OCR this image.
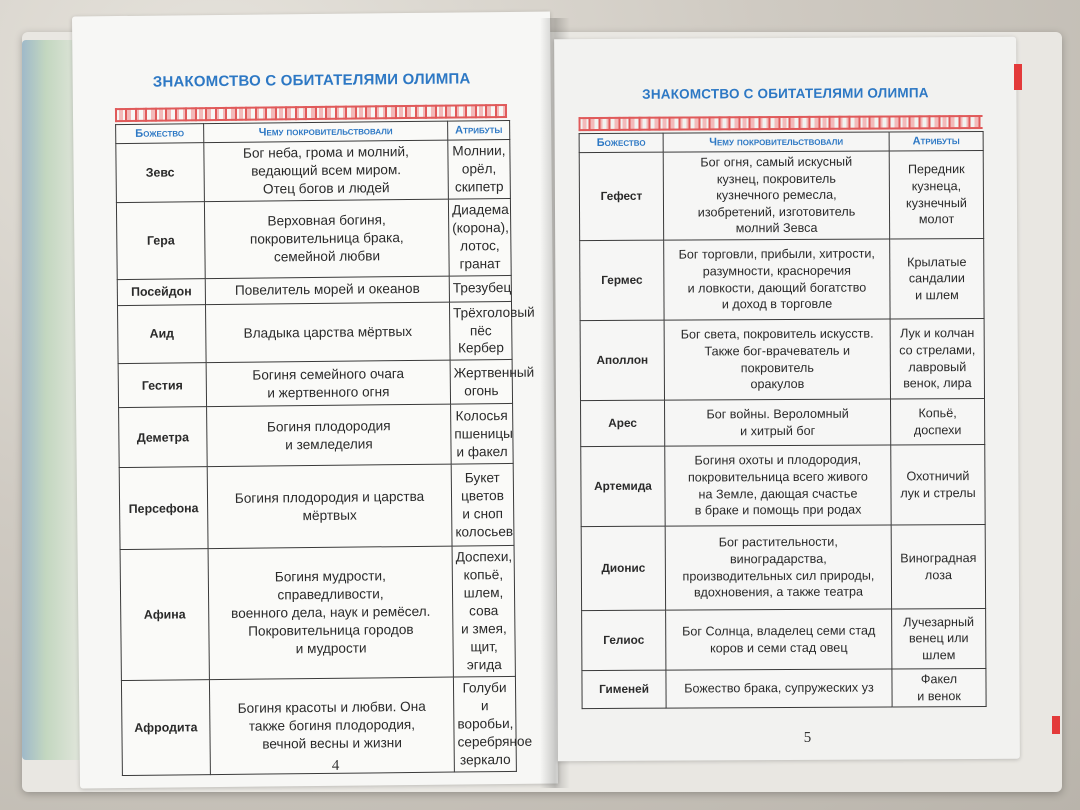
ЗНАКОМСТВО С ОБИТАТЕЛЯМИ ОЛИМПА
Божество	Чему покровительствовали	Атрибуты
Зевс	Бог неба, грома и молний,
ведающий всем миром.
Отец богов и людей	Молнии,
орёл,
скипетр

Гера	Верховная богиня,
покровительница брака,
семейной любви	Диадема
(корона),
лотос,
гранат

Посейдон	Повелитель морей и океанов	Трезубец

Аид	Владыка царства мёртвых	Трёхголовый
пёс Кербер

Гестия	Богиня семейного очага
и жертвенного огня	Жертвенный
огонь

Деметра	Богиня плодородия
и земледелия	Колосья
пшеницы
и факел

Персефона	Богиня плодородия и царства
мёртвых	Букет
цветов
и сноп
колосьев

Афина	Богиня мудрости,
справедливости,
военного дела, наук и ремёсел.
Покровительница городов
и мудрости	Доспехи,
копьё,
шлем, сова
и змея, щит,
эгида

Афродита	Богиня красоты и любви. Она
также богиня плодородия,
вечной весны и жизни	Голуби
и воробьи,
серебряное
зеркало
4
ЗНАКОМСТВО С ОБИТАТЕЛЯМИ ОЛИМПА
Божество	Чему покровительствовали	Атрибуты
Гефест	Бог огня, самый искусный
кузнец, покровитель
кузнечного ремесла,
изобретений, изготовитель
молний Зевса	Передник
кузнеца,
кузнечный
молот

Гермес	Бог торговли, прибыли, хитрости,
разумности, красноречия
и ловкости, дающий богатство
и доход в торговле	Крылатые
сандалии
и шлем

Аполлон	Бог света, покровитель искусств.
Также бог-врачеватель и
покровитель
оракулов	Лук и колчан
со стрелами,
лавровый
венок, лира

Арес	Бог войны. Вероломный
и хитрый бог	Копьё,
доспехи

Артемида	Богиня охоты и плодородия,
покровительница всего живого
на Земле, дающая счастье
в браке и помощь при родах	Охотничий
лук и стрелы

Дионис	Бог растительности,
виноградарства,
производительных сил природы,
вдохновения, а также театра	Виноградная
лоза

Гелиос	Бог Солнца, владелец семи стад
коров и семи стад овец	Лучезарный
венец или
шлем

Гименей	Божество брака, супружеских уз	Факел
и венок
5
